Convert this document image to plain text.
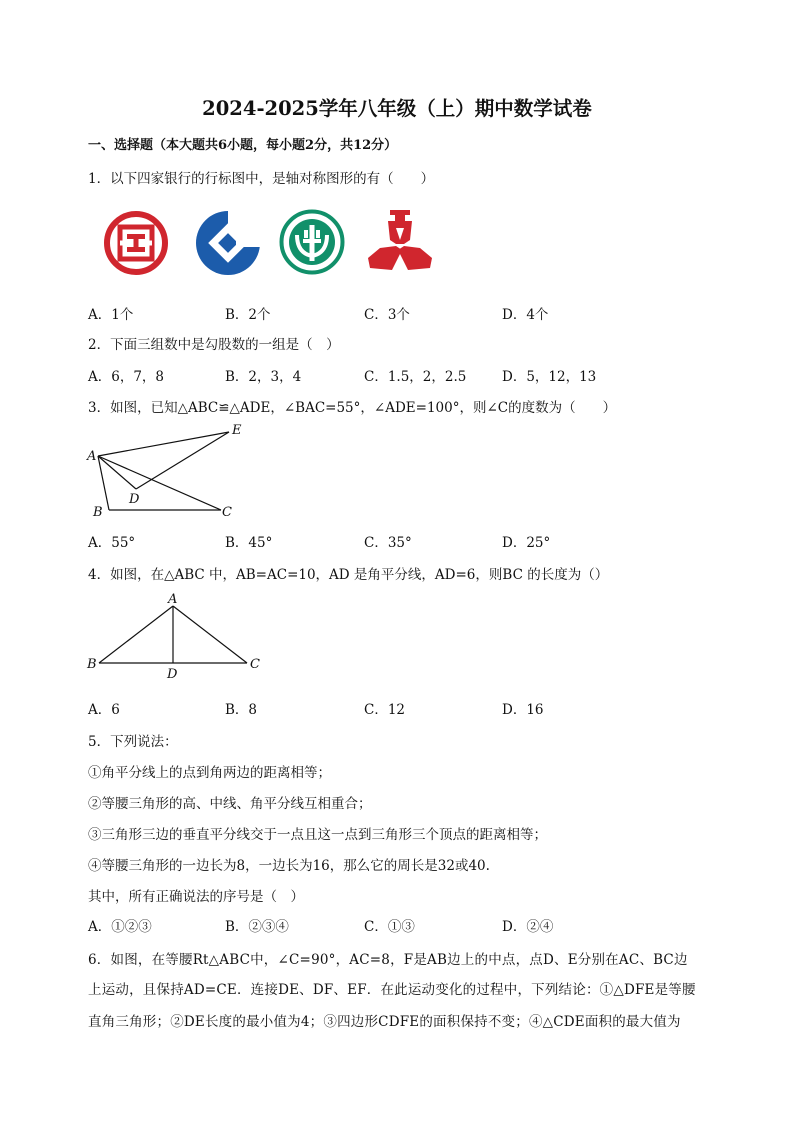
2024-2025学年八年级（上）期中数学试卷
一、选择题（本大题共6小题，每小题2分，共12分）
1．以下四家银行的行标图中，是轴对称图形的有（　　）
A．1个	B．2个	C．3个	D．4个
2．下面三组数中是勾股数的一组是（　）
A．6，7，8	B．2，3，4	C．1.5，2，2.5	D．5，12，13
3．如图，已知△ABC≌△ADE，∠BAC=55°，∠ADE=100°，则∠C的度数为（　　）
A
E
D
B	C
A．55°	B．45°	C．35°	D．25°
4．如图，在△ABC 中，AB=AC=10，AD 是角平分线，AD=6，则BC 的长度为（）
A
B	C
D
A．6	B．8	C．12	D．16
5．下列说法：
①角平分线上的点到角两边的距离相等；
②等腰三角形的高、中线、角平分线互相重合；
③三角形三边的垂直平分线交于一点且这一点到三角形三个顶点的距离相等；
④等腰三角形的一边长为8，一边长为16，那么它的周长是32或40.
其中，所有正确说法的序号是（　）
A．①②③	B．②③④	C．①③	D．②④
6．如图，在等腰Rt△ABC中，∠C=90°，AC=8，F是AB边上的中点，点D、E分别在AC、BC边
上运动，且保持AD=CE．连接DE、DF、EF．在此运动变化的过程中，下列结论：①△DFE是等腰
直角三角形；②DE长度的最小值为4；③四边形CDFE的面积保持不变；④△CDE面积的最大值为
